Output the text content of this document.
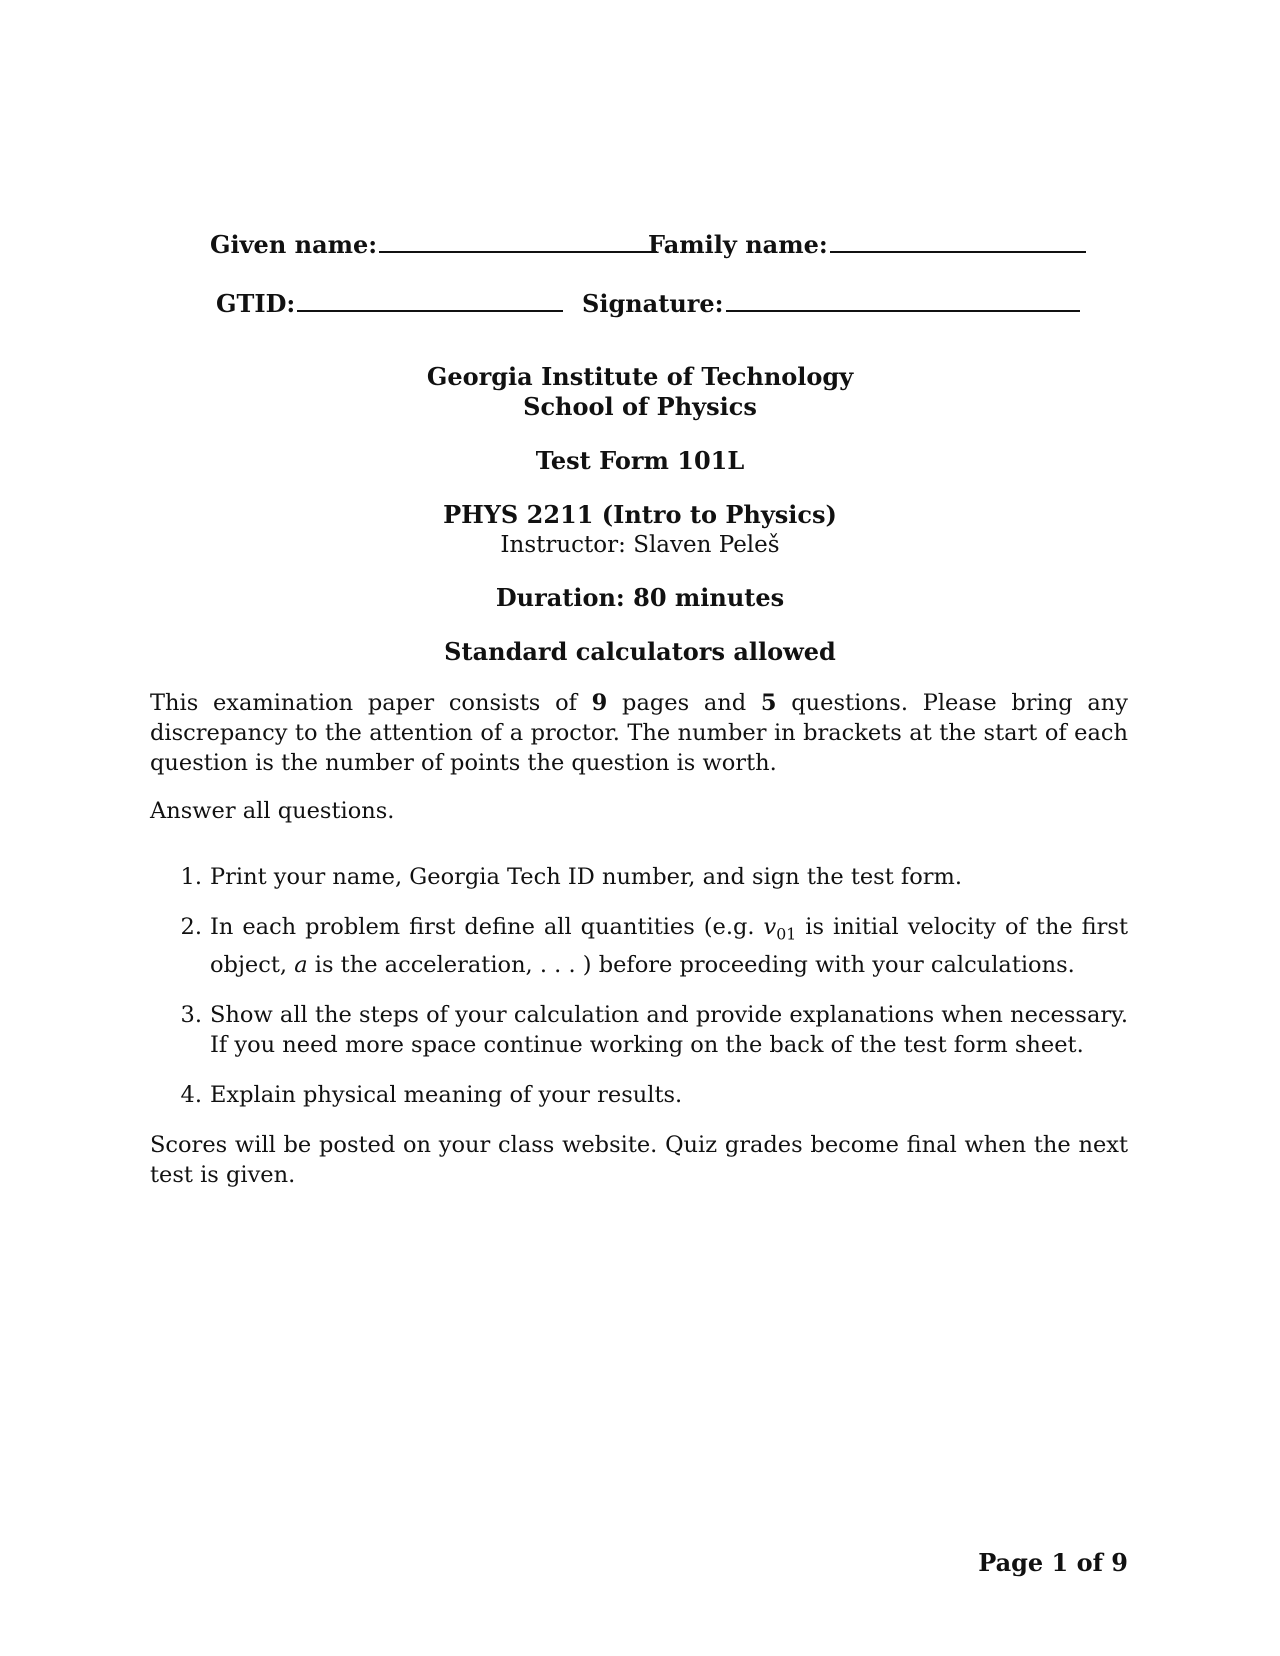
Given name:	Family name:
GTID:	Signature:
Georgia Institute of Technology
School of Physics
Test Form 101L
PHYS 2211 (Intro to Physics)
Instructor: Slaven Peleš
Duration: 80 minutes
Standard calculators allowed
This examination paper consists of 9 pages and 5 questions. Please bring any discrepancy to the attention of a proctor. The number in brackets at the start of each question is the number of points the question is worth.
Answer all questions.
1. Print your name, Georgia Tech ID number, and sign the test form.
2. In each problem first define all quantities (e.g. $v_{01}$ is initial velocity of the first object, a is the acceleration, . . . ) before proceeding with your calculations.
3. Show all the steps of your calculation and provide explanations when necessary. If you need more space continue working on the back of the test form sheet.
4. Explain physical meaning of your results.
Scores will be posted on your class website. Quiz grades become final when the next test is given.
Page 1 of 9
